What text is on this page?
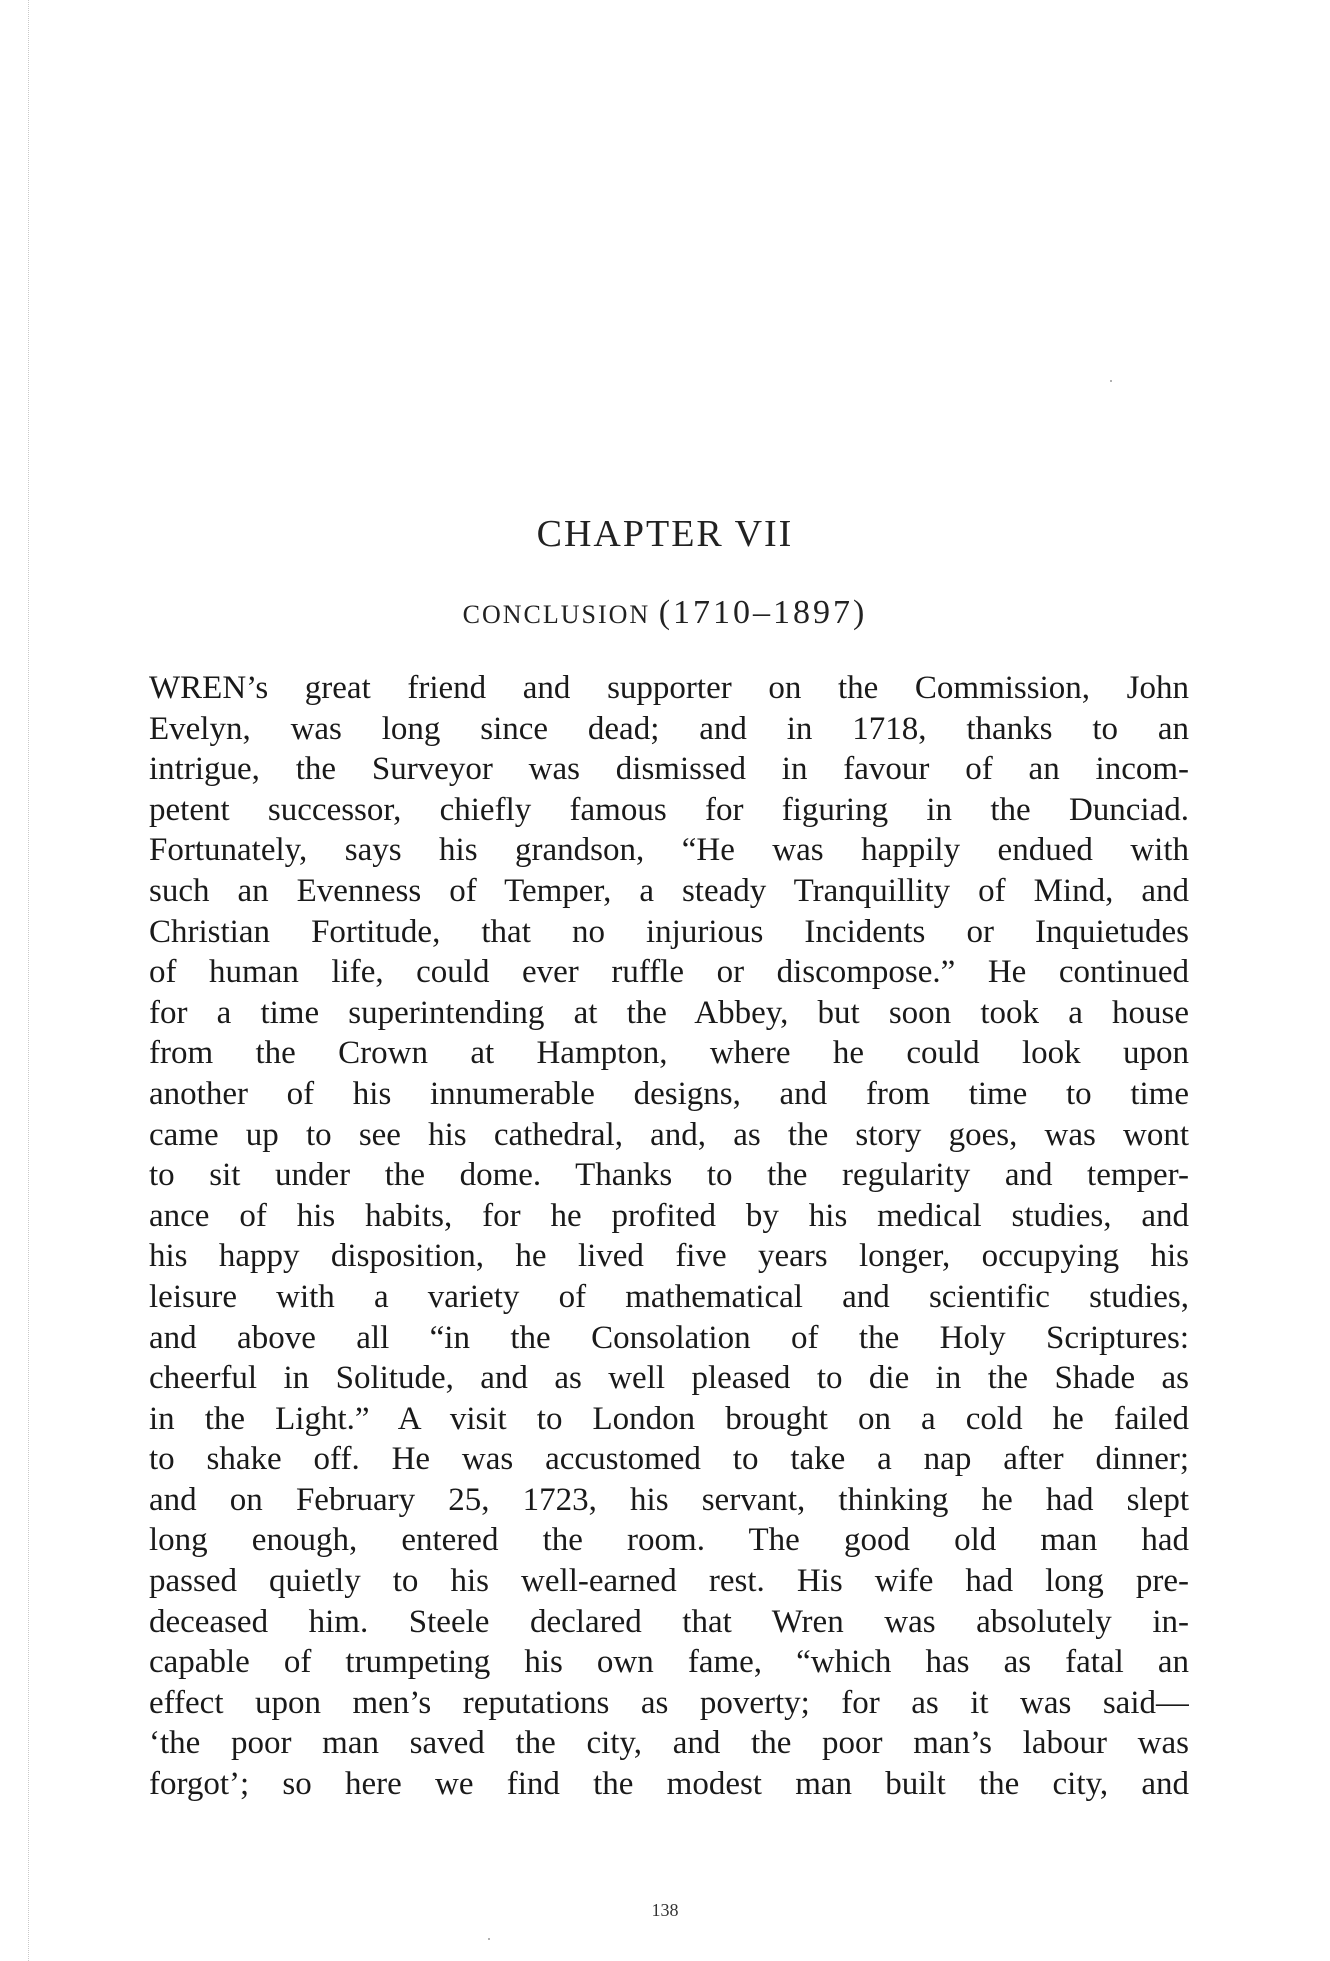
CHAPTER VII
CONCLUSION (1710–1897)
WREN’s great friend and supporter on the Commission, John
Evelyn, was long since dead; and in 1718, thanks to an
intrigue, the Surveyor was dismissed in favour of an incom-
petent successor, chiefly famous for figuring in the Dunciad.
Fortunately, says his grandson, “He was happily endued with
such an Evenness of Temper, a steady Tranquillity of Mind, and
Christian Fortitude, that no injurious Incidents or Inquietudes
of human life, could ever ruffle or discompose.” He continued
for a time superintending at the Abbey, but soon took a house
from the Crown at Hampton, where he could look upon
another of his innumerable designs, and from time to time
came up to see his cathedral, and, as the story goes, was wont
to sit under the dome. Thanks to the regularity and temper-
ance of his habits, for he profited by his medical studies, and
his happy disposition, he lived five years longer, occupying his
leisure with a variety of mathematical and scientific studies,
and above all “in the Consolation of the Holy Scriptures:
cheerful in Solitude, and as well pleased to die in the Shade as
in the Light.” A visit to London brought on a cold he failed
to shake off. He was accustomed to take a nap after dinner;
and on February 25, 1723, his servant, thinking he had slept
long enough, entered the room. The good old man had
passed quietly to his well-earned rest. His wife had long pre-
deceased him. Steele declared that Wren was absolutely in-
capable of trumpeting his own fame, “which has as fatal an
effect upon men’s reputations as poverty; for as it was said—
‘the poor man saved the city, and the poor man’s labour was
forgot’; so here we find the modest man built the city, and
138
